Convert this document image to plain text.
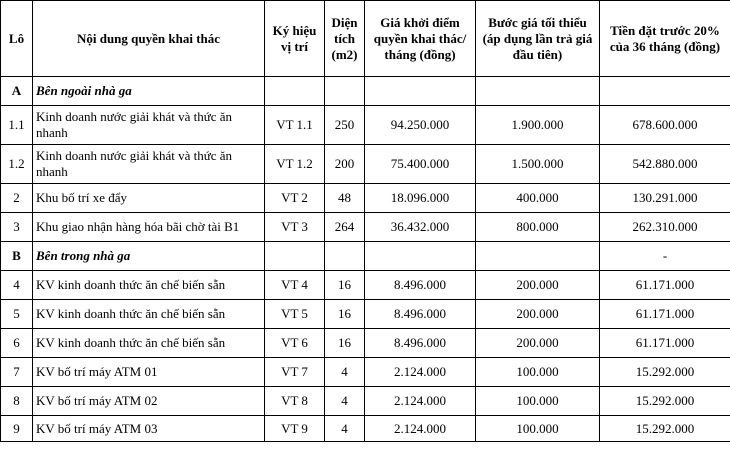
Lô	Nội dung quyền khai thác	Ký hiệu vị trí	Diện tích (m2)	Giá khởi điểm quyền khai thác/ tháng (đồng)	Bước giá tối thiểu (áp dụng lần trả giá đầu tiên)	Tiền đặt trước 20% của 36 tháng (đồng)
A	Bên ngoài nhà ga					
1.1	Kinh doanh nước giải khát và thức ăn nhanh	VT 1.1	250	94.250.000	1.900.000	678.600.000
1.2	Kinh doanh nước giải khát và thức ăn nhanh	VT 1.2	200	75.400.000	1.500.000	542.880.000
2	Khu bố trí xe đẩy	VT 2	48	18.096.000	400.000	130.291.000
3	Khu giao nhận hàng hóa bãi chờ tài B1	VT 3	264	36.432.000	800.000	262.310.000
B	Bên trong nhà ga					-
4	KV kinh doanh thức ăn chế biến sẵn	VT 4	16	8.496.000	200.000	61.171.000
5	KV kinh doanh thức ăn chế biến sẵn	VT 5	16	8.496.000	200.000	61.171.000
6	KV kinh doanh thức ăn chế biến sẵn	VT 6	16	8.496.000	200.000	61.171.000
7	KV bố trí máy ATM 01	VT 7	4	2.124.000	100.000	15.292.000
8	KV bố trí máy ATM 02	VT 8	4	2.124.000	100.000	15.292.000
9	KV bố trí máy ATM 03	VT 9	4	2.124.000	100.000	15.292.000
